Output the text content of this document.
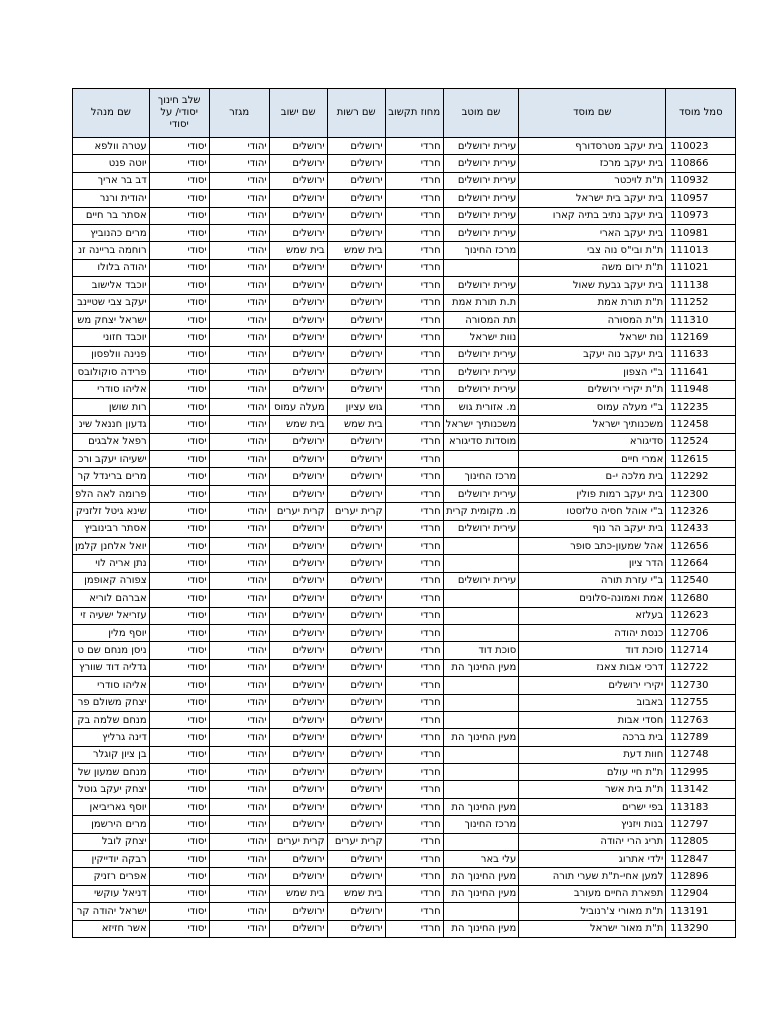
סמל מוסד	שם מוסד	שם מוטב	מחוז תקשוב	שם רשות	שם ישוב	מגזר	שלב חינוך יסודי/ על יסודי	שם מנהל
110023	בית יעקב מטרסדורף	עירית ירושלים	חרדי	ירושלים	ירושלים	יהודי	יסודי	עטרה וולפא
110866	בית יעקב מרכז	עירית ירושלים	חרדי	ירושלים	ירושלים	יהודי	יסודי	יוטה פנט
110932	ת"ת לויכטר	עירית ירושלים	חרדי	ירושלים	ירושלים	יהודי	יסודי	דב בר אריך
110957	בית יעקב בית ישראל	עירית ירושלים	חרדי	ירושלים	ירושלים	יהודי	יסודי	יהודית ורנר
110973	בית יעקב נתיב בתיה קארו	עירית ירושלים	חרדי	ירושלים	ירושלים	יהודי	יסודי	אסתר בר חיים
110981	בית יעקב הארי	עירית ירושלים	חרדי	ירושלים	ירושלים	יהודי	יסודי	מרים כהנוביץ
111013	ת"ת ובי"ס נוה צבי	מרכז החינוך	חרדי	בית שמש	בית שמש	יהודי	יסודי	רוחמה בריינה זנ
111021	ת"ת ירום משה		חרדי	ירושלים	ירושלים	יהודי	יסודי	יהודה בלולו
111138	בית יעקב גבעת שאול	עירית ירושלים	חרדי	ירושלים	ירושלים	יהודי	יסודי	יוכבד אלישוב
111252	ת"ת תורת אמת	ת.ת תורת אמת	חרדי	ירושלים	ירושלים	יהודי	יסודי	יעקב צבי שטיינב
111310	ת"ת המסורה	תת המסורה	חרדי	ירושלים	ירושלים	יהודי	יסודי	ישראל יצחק מש
112169	נות ישראל	נוות ישראל	חרדי	ירושלים	ירושלים	יהודי	יסודי	יוכבד חזוני
111633	בית יעקב נוה יעקב	עירית ירושלים	חרדי	ירושלים	ירושלים	יהודי	יסודי	פנינה וולפסון
111641	ב"י הצפון	עירית ירושלים	חרדי	ירושלים	ירושלים	יהודי	יסודי	פרידה סוקולובס
111948	ת"ת יקירי ירושלים	עירית ירושלים	חרדי	ירושלים	ירושלים	יהודי	יסודי	אליהו סודרי
112235	ב"י מעלה עמוס	מ. אזורית גוש	חרדי	גוש עציון	מעלה עמוס	יהודי	יסודי	רות שושן
112458	משכנותיך ישראל	משכנותיך ישראל	חרדי	בית שמש	בית שמש	יהודי	יסודי	גדעון חננאל שינ
112524	סדיגורא	מוסדות סדיגורא	חרדי	ירושלים	ירושלים	יהודי	יסודי	רפאל אלבגים
112615	אמרי חיים		חרדי	ירושלים	ירושלים	יהודי	יסודי	ישעיהו יעקב ורכ
112292	בית מלכה י-ם	מרכז החינוך	חרדי	ירושלים	ירושלים	יהודי	יסודי	מרים ברינדל קר
112300	בית יעקב רמות פולין	עירית ירושלים	חרדי	ירושלים	ירושלים	יהודי	יסודי	פרומה לאה הלפ
112326	ב"י אוהל חסיה טלזסטו	מ. מקומית קרית	חרדי	קרית יערים	קרית יערים	יהודי	יסודי	שינא גיטל זלזניק
112433	בית יעקב הר נוף	עירית ירושלים	חרדי	ירושלים	ירושלים	יהודי	יסודי	אסתר רבינוביץ
112656	אהל שמעון-כתב סופר		חרדי	ירושלים	ירושלים	יהודי	יסודי	יואל אלחנן קלמן
112664	הדר ציון		חרדי	ירושלים	ירושלים	יהודי	יסודי	נתן אריה לוי
112540	ב"י עזרת תורה	עירית ירושלים	חרדי	ירושלים	ירושלים	יהודי	יסודי	צפורה קאופמן
112680	אמת ואמונה-סלונים		חרדי	ירושלים	ירושלים	יהודי	יסודי	אברהם לוריא
112623	בעלזא		חרדי	ירושלים	ירושלים	יהודי	יסודי	עזריאל ישעיה זי
112706	כנסת יהודה		חרדי	ירושלים	ירושלים	יהודי	יסודי	יוסף מלין
112714	סוכת דוד	סוכת דוד	חרדי	ירושלים	ירושלים	יהודי	יסודי	ניסן מנחם שם ט
112722	דרכי אבות צאנז	מעין החינוך הת	חרדי	ירושלים	ירושלים	יהודי	יסודי	גדליה דוד שוורץ
112730	יקירי ירושלים		חרדי	ירושלים	ירושלים	יהודי	יסודי	אליהו סודרי
112755	באבוב		חרדי	ירושלים	ירושלים	יהודי	יסודי	יצחק משולם פר
112763	חסדי אבות		חרדי	ירושלים	ירושלים	יהודי	יסודי	מנחם שלמה בק
112789	בית ברכה	מעין החינוך הת	חרדי	ירושלים	ירושלים	יהודי	יסודי	דינה גרליץ
112748	חוות דעת		חרדי	ירושלים	ירושלים	יהודי	יסודי	בן ציון קוגלר
112995	ת"ת חיי עולם		חרדי	ירושלים	ירושלים	יהודי	יסודי	מנחם שמעון של
113142	ת"ת בית אשר		חרדי	ירושלים	ירושלים	יהודי	יסודי	יצחק יעקב גוטל
113183	בפי ישרים	מעין החינוך הת	חרדי	ירושלים	ירושלים	יהודי	יסודי	יוסף גאריביאן
112797	בנות ויזניץ	מרכז החינוך	חרדי	ירושלים	ירושלים	יהודי	יסודי	מרים הירשמן
112805	תריג הרי יהודה		חרדי	קרית יערים	קרית יערים	יהודי	יסודי	יצחק לובל
112847	ילדי אתרוג	עלי באר	חרדי	ירושלים	ירושלים	יהודי	יסודי	רבקה יודייקין
112896	למען אחי-ת"ת שערי תורה	מעין החינוך הת	חרדי	ירושלים	ירושלים	יהודי	יסודי	אפרים רזניק
112904	תפארת החיים מעורב	מעין החינוך הת	חרדי	בית שמש	בית שמש	יהודי	יסודי	דניאל עוקשי
113191	ת"ת מאורי צ'רנוביל		חרדי	ירושלים	ירושלים	יהודי	יסודי	ישראל יהודה קר
113290	ת"ת מאור ישראל	מעין החינוך הת	חרדי	ירושלים	ירושלים	יהודי	יסודי	אשר חזיזא
